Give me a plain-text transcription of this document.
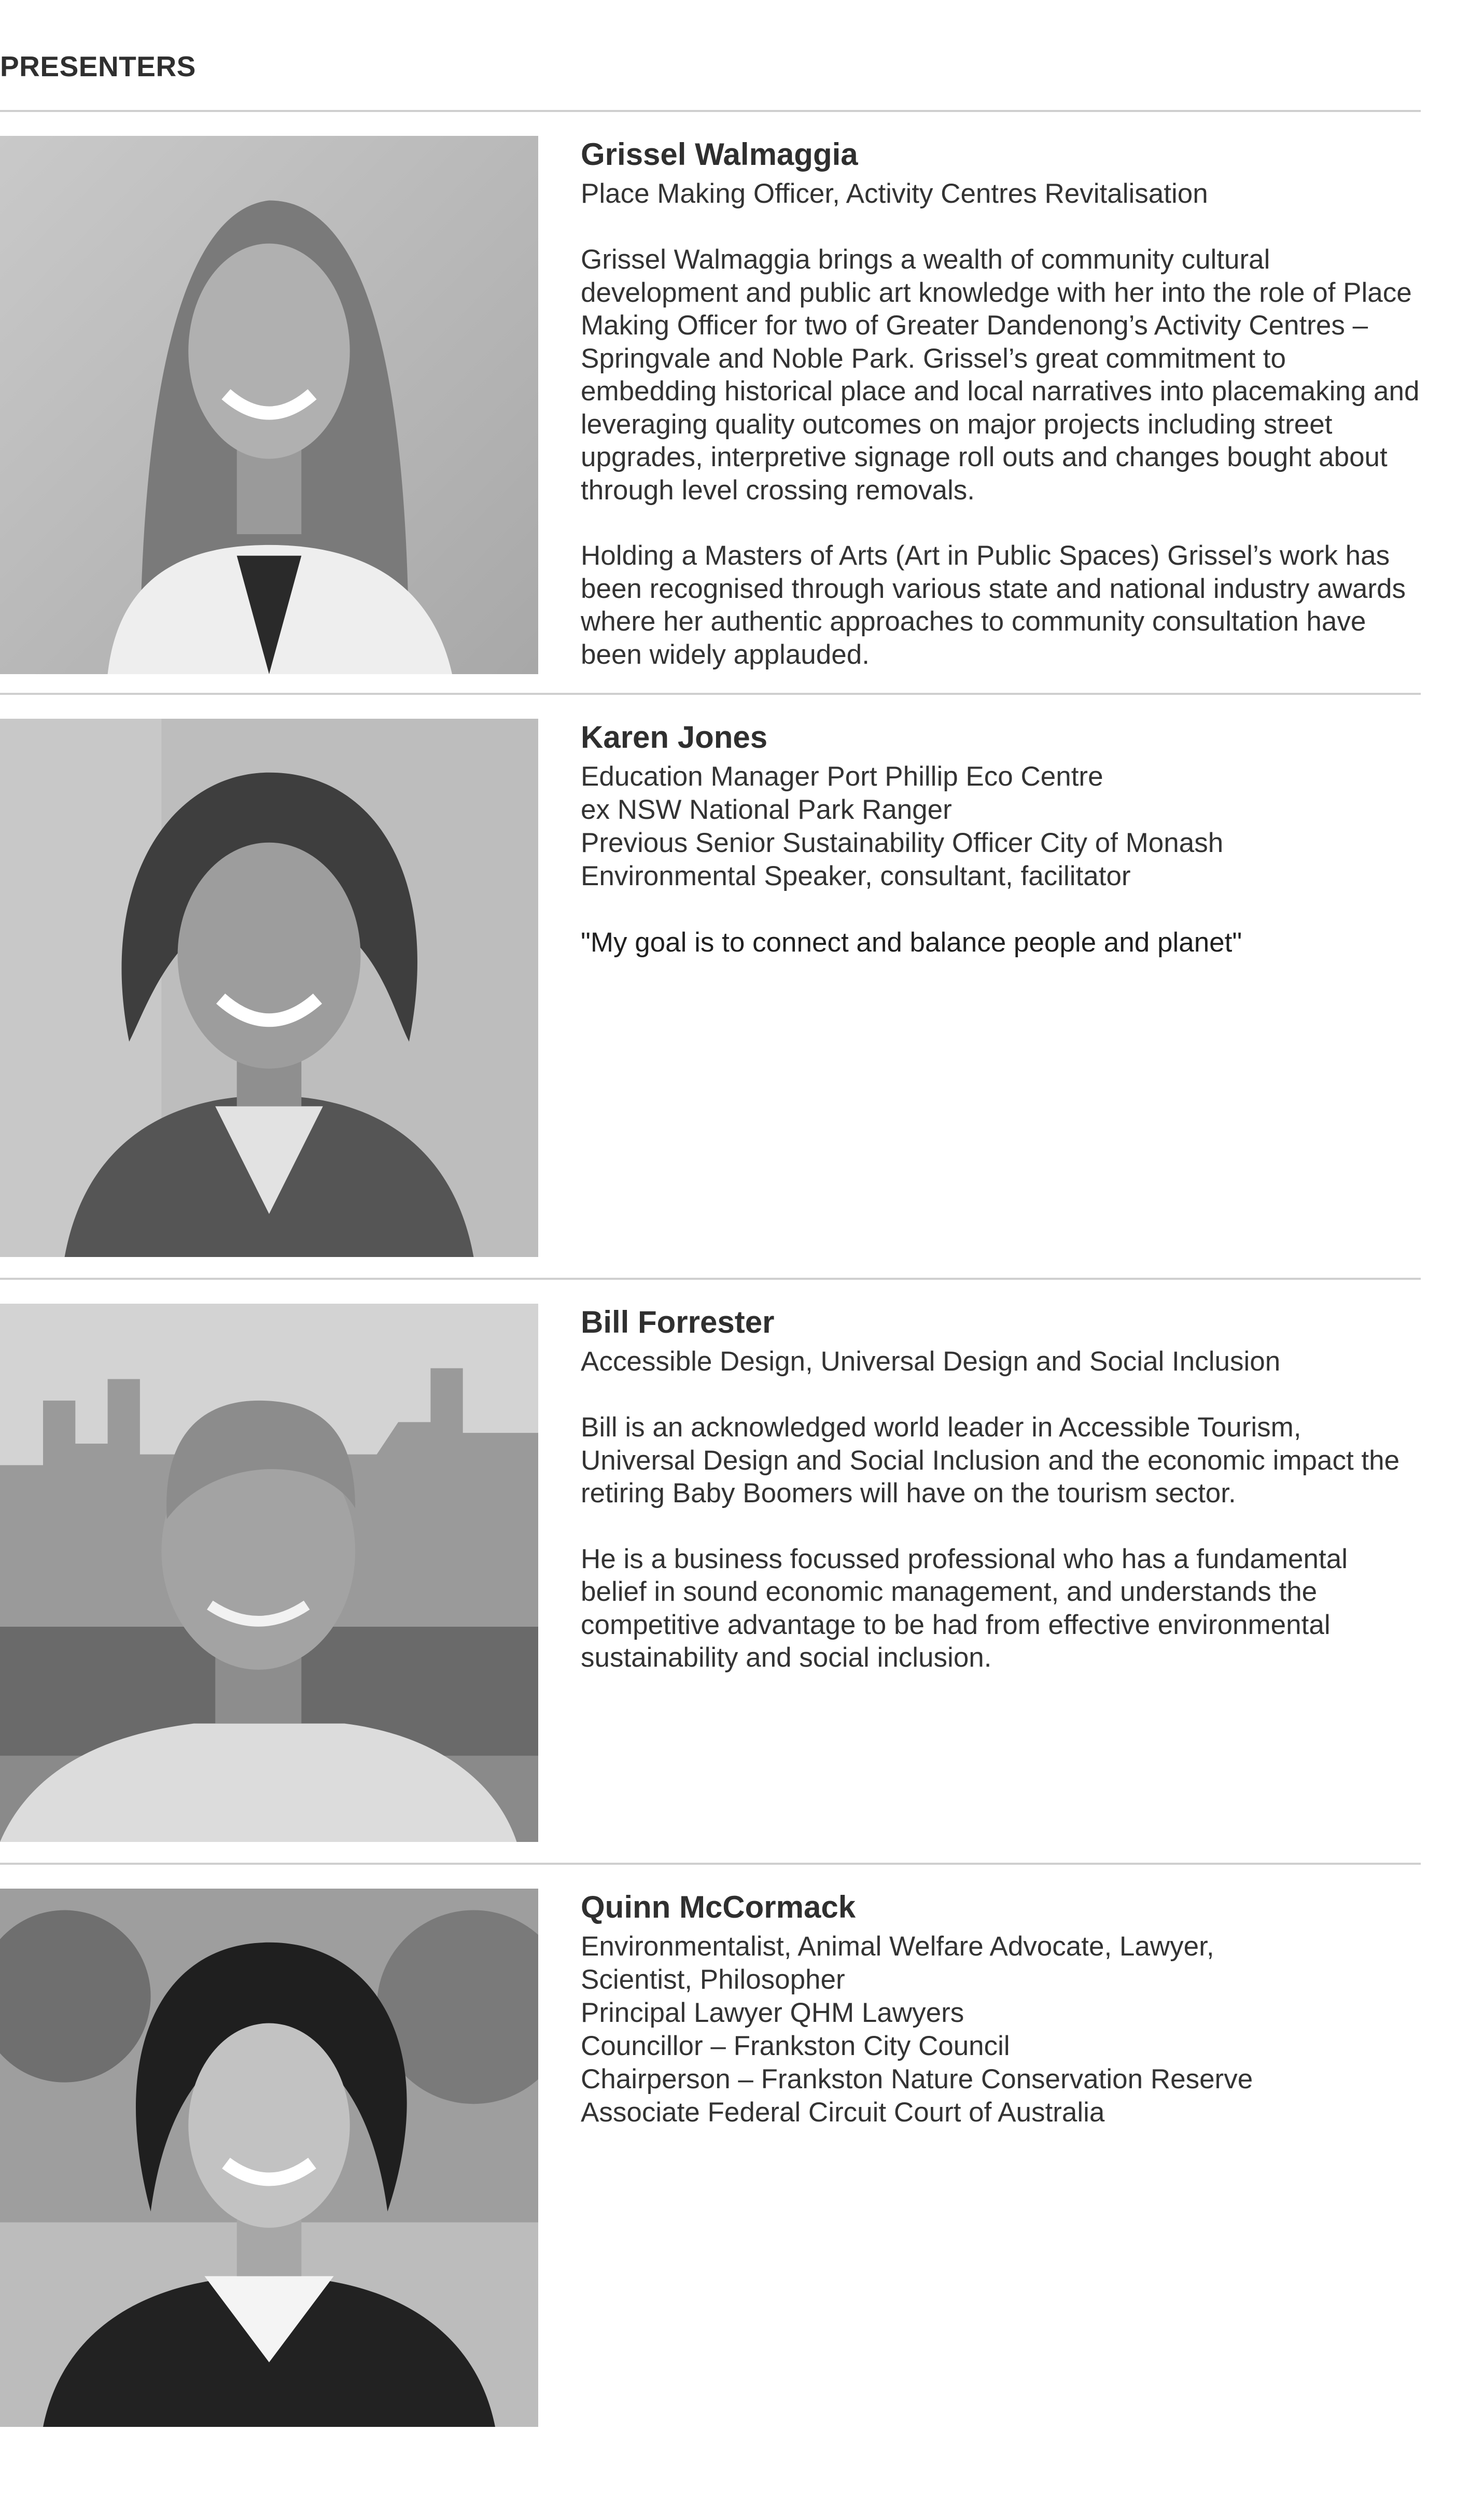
PRESENTERS
Grissel Walmaggia
Place Making Officer, Activity Centres Revitalisation
Grissel Walmaggia brings a wealth of community cultural development and public art knowledge with her into the role of Place Making Officer for two of Greater Dandenong’s Activity Centres – Springvale and Noble Park. Grissel’s great commitment to embedding historical place and local narratives into placemaking and leveraging quality outcomes on major projects including street upgrades, interpretive signage roll outs and changes bought about through level crossing removals.
Holding a Masters of Arts (Art in Public Spaces) Grissel’s work has been recognised through various state and national industry awards where her authentic approaches to community consultation have been widely applauded.
Karen Jones
Education Manager Port Phillip Eco Centre
ex NSW National Park Ranger
Previous Senior Sustainability Officer City of Monash
Environmental Speaker, consultant, facilitator
"My goal is to connect and balance people and planet"
Bill Forrester
Accessible Design, Universal Design and Social Inclusion
Bill is an acknowledged world leader in Accessible Tourism, Universal Design and Social Inclusion and the economic impact the retiring Baby Boomers will have on the tourism sector.
He is a business focussed professional who has a fundamental belief in sound economic management, and understands the competitive advantage to be had from effective environmental sustainability and social inclusion.
Quinn McCormack
Environmentalist, Animal Welfare Advocate, Lawyer,
Scientist, Philosopher
Principal Lawyer QHM Lawyers
Councillor – Frankston City Council
Chairperson – Frankston Nature Conservation Reserve
Associate Federal Circuit Court of Australia
